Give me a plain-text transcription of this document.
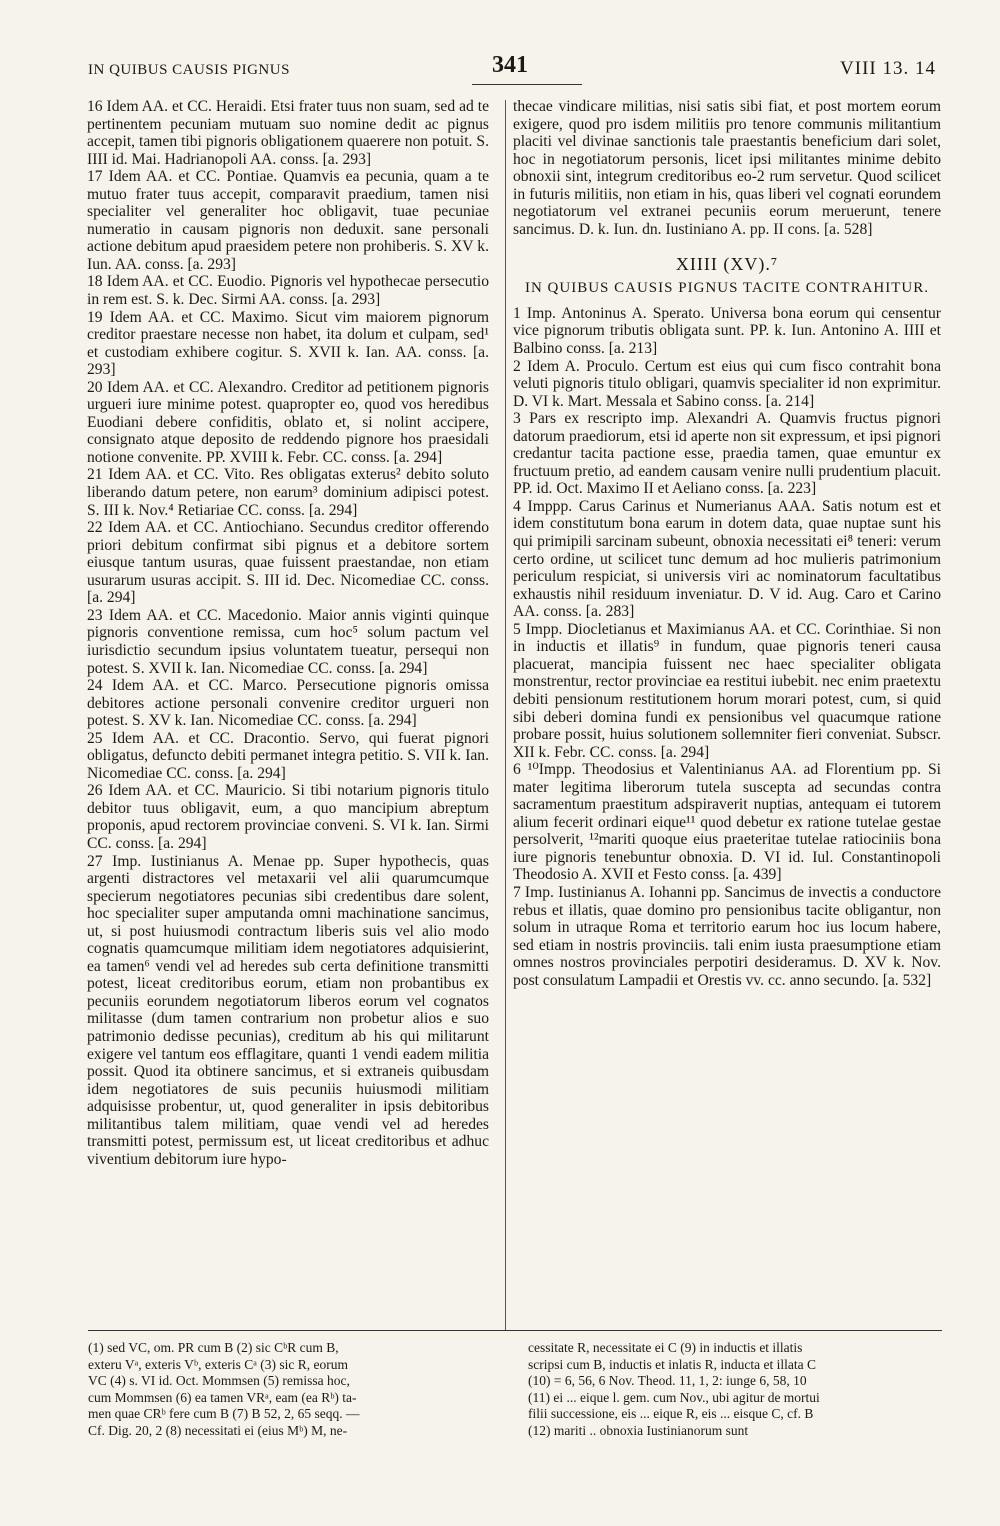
IN QUIBUS CAUSIS PIGNUS	341	VIII 13. 14

16 Idem AA. et CC. Heraidi. Etsi frater tuus non suam, sed ad te pertinentem pecuniam mutuam suo nomine dedit ac pignus accepit, tamen tibi pignoris obligationem quaerere non potuit. S. IIII id. Mai. Hadrianopoli AA. conss. [a. 293]

17 Idem AA. et CC. Pontiae. Quamvis ea pecunia, quam a te mutuo frater tuus accepit, comparavit praedium, tamen nisi specialiter vel generaliter hoc obligavit, tuae pecuniae numeratio in causam pignoris non deduxit. sane personali actione debitum apud praesidem petere non prohiberis. S. XV k. Iun. AA. conss. [a. 293]

18 Idem AA. et CC. Euodio. Pignoris vel hypothecae persecutio in rem est. S. k. Dec. Sirmi AA. conss. [a. 293]

19 Idem AA. et CC. Maximo. Sicut vim maiorem pignorum creditor praestare necesse non habet, ita dolum et culpam, sed¹ et custodiam exhibere cogitur. S. XVII k. Ian. AA. conss. [a. 293]

20 Idem AA. et CC. Alexandro. Creditor ad petitionem pignoris urgueri iure minime potest. quapropter eo, quod vos heredibus Euodiani debere confiditis, oblato et, si nolint accipere, consignato atque deposito de reddendo pignore hos praesidali notione convenite. PP. XVIII k. Febr. CC. conss. [a. 294]

21 Idem AA. et CC. Vito. Res obligatas exterus² debito soluto liberando datum petere, non earum³ dominium adipisci potest. S. III k. Nov.⁴ Retiariae CC. conss. [a. 294]

22 Idem AA. et CC. Antiochiano. Secundus creditor offerendo priori debitum confirmat sibi pignus et a debitore sortem eiusque tantum usuras, quae fuissent praestandae, non etiam usurarum usuras accipit. S. III id. Dec. Nicomediae CC. conss. [a. 294]

23 Idem AA. et CC. Macedonio. Maior annis viginti quinque pignoris conventione remissa, cum hoc⁵ solum pactum vel iurisdictio secundum ipsius voluntatem tueatur, persequi non potest. S. XVII k. Ian. Nicomediae CC. conss. [a. 294]

24 Idem AA. et CC. Marco. Persecutione pignoris omissa debitores actione personali convenire creditor urgueri non potest. S. XV k. Ian. Nicomediae CC. conss. [a. 294]

25 Idem AA. et CC. Dracontio. Servo, qui fuerat pignori obligatus, defuncto debiti permanet integra petitio. S. VII k. Ian. Nicomediae CC. conss. [a. 294]

26 Idem AA. et CC. Mauricio. Si tibi notarium pignoris titulo debitor tuus obligavit, eum, a quo mancipium abreptum proponis, apud rectorem provinciae conveni. S. VI k. Ian. Sirmi CC. conss. [a. 294]

27 Imp. Iustinianus A. Menae pp. Super hypothecis, quas argenti distractores vel metaxarii vel alii quarumcumque specierum negotiatores pecunias sibi credentibus dare solent, hoc specialiter super amputanda omni machinatione sancimus, ut, si post huiusmodi contractum liberis suis vel alio modo cognatis quamcumque militiam idem negotiatores adquisierint, ea tamen⁶ vendi vel ad heredes sub certa definitione transmitti potest, liceat creditoribus eorum, etiam non probantibus ex pecuniis eorundem negotiatorum liberos eorum vel cognatos militasse (dum tamen contrarium non probetur alios e suo patrimonio dedisse pecunias), creditum ab his qui militarunt exigere vel tantum eos efflagitare, quanti 1 vendi eadem militia possit. Quod ita obtinere sancimus, et si extraneis quibusdam idem negotiatores de suis pecuniis huiusmodi militiam adquisisse probentur, ut, quod generaliter in ipsis debitoribus militantibus talem militiam, quae vendi vel ad heredes transmitti potest, permissum est, ut liceat creditoribus et adhuc viventium debitorum iure hypo-

thecae vindicare militias, nisi satis sibi fiat, et post mortem eorum exigere, quod pro isdem militiis pro tenore communis militantium placiti vel divinae sanctionis tale praestantis beneficium dari solet, hoc in negotiatorum personis, licet ipsi militantes minime debito obnoxii sint, integrum creditoribus eo-2 rum servetur. Quod scilicet in futuris militiis, non etiam in his, quas liberi vel cognati eorundem negotiatorum vel extranei pecuniis eorum meruerunt, tenere sancimus. D. k. Iun. dn. Iustiniano A. pp. II cons. [a. 528]

XIIII (XV).⁷
IN QUIBUS CAUSIS PIGNUS TACITE CONTRAHITUR.

1 Imp. Antoninus A. Sperato. Universa bona eorum qui censentur vice pignorum tributis obligata sunt. PP. k. Iun. Antonino A. IIII et Balbino conss. [a. 213]

2 Idem A. Proculo. Certum est eius qui cum fisco contrahit bona veluti pignoris titulo obligari, quamvis specialiter id non exprimitur. D. VI k. Mart. Messala et Sabino conss. [a. 214]

3 Pars ex rescripto imp. Alexandri A. Quamvis fructus pignori datorum praediorum, etsi id aperte non sit expressum, et ipsi pignori credantur tacita pactione esse, praedia tamen, quae emuntur ex fructuum pretio, ad eandem causam venire nulli prudentium placuit. PP. id. Oct. Maximo II et Aeliano conss. [a. 223]

4 Imppp. Carus Carinus et Numerianus AAA. Satis notum est et idem constitutum bona earum in dotem data, quae nuptae sunt his qui primipili sarcinam subeunt, obnoxia necessitati ei⁸ teneri: verum certo ordine, ut scilicet tunc demum ad hoc mulieris patrimonium periculum respiciat, si universis viri ac nominatorum facultatibus exhaustis nihil residuum inveniatur. D. V id. Aug. Caro et Carino AA. conss. [a. 283]

5 Impp. Diocletianus et Maximianus AA. et CC. Corinthiae. Si non in inductis et illatis⁹ in fundum, quae pignoris teneri causa placuerat, mancipia fuissent nec haec specialiter obligata monstrentur, rector provinciae ea restitui iubebit. nec enim praetextu debiti pensionum restitutionem horum morari potest, cum, si quid sibi deberi domina fundi ex pensionibus vel quacumque ratione probare possit, huius solutionem sollemniter fieri conveniat. Subscr. XII k. Febr. CC. conss. [a. 294]

6 ¹⁰Impp. Theodosius et Valentinianus AA. ad Florentium pp. Si mater legitima liberorum tutela suscepta ad secundas contra sacramentum praestitum adspiraverit nuptias, antequam ei tutorem alium fecerit ordinari eique¹¹ quod debetur ex ratione tutelae gestae persolverit, ¹²mariti quoque eius praeteritae tutelae ratiociniis bona iure pignoris tenebuntur obnoxia. D. VI id. Iul. Constantinopoli Theodosio A. XVII et Festo conss. [a. 439]

7 Imp. Iustinianus A. Iohanni pp. Sancimus de invectis a conductore rebus et illatis, quae domino pro pensionibus tacite obligantur, non solum in utraque Roma et territorio earum hoc ius locum habere, sed etiam in nostris provinciis. tali enim iusta praesumptione etiam omnes nostros provinciales perpotiri desideramus. D. XV k. Nov. post consulatum Lampadii et Orestis vv. cc. anno secundo. [a. 532]

(1) sed VC, om. PR cum B (2) sic CᵇR cum B,
exteru Vᵃ, exteris Vᵇ, exteris Cᵃ (3) sic R, eorum
VC (4) s. VI id. Oct. Mommsen (5) remissa hoc,
cum Mommsen (6) ea tamen VRᵃ, eam (ea Rᵇ) ta-
men quae CRᵇ fere cum B (7) B 52, 2, 65 seqq. —
Cf. Dig. 20, 2 (8) necessitati ei (eius Mᵇ) M, ne-
cessitate R, necessitate ei C (9) in inductis et illatis
scripsi cum B, inductis et inlatis R, inducta et illata C
(10) = 6, 56, 6 Nov. Theod. 11, 1, 2: iunge 6, 58, 10
(11) ei ... eique l. gem. cum Nov., ubi agitur de mortui
filii successione, eis ... eique R, eis ... eisque C, cf. B
(12) mariti .. obnoxia Iustinianorum sunt
